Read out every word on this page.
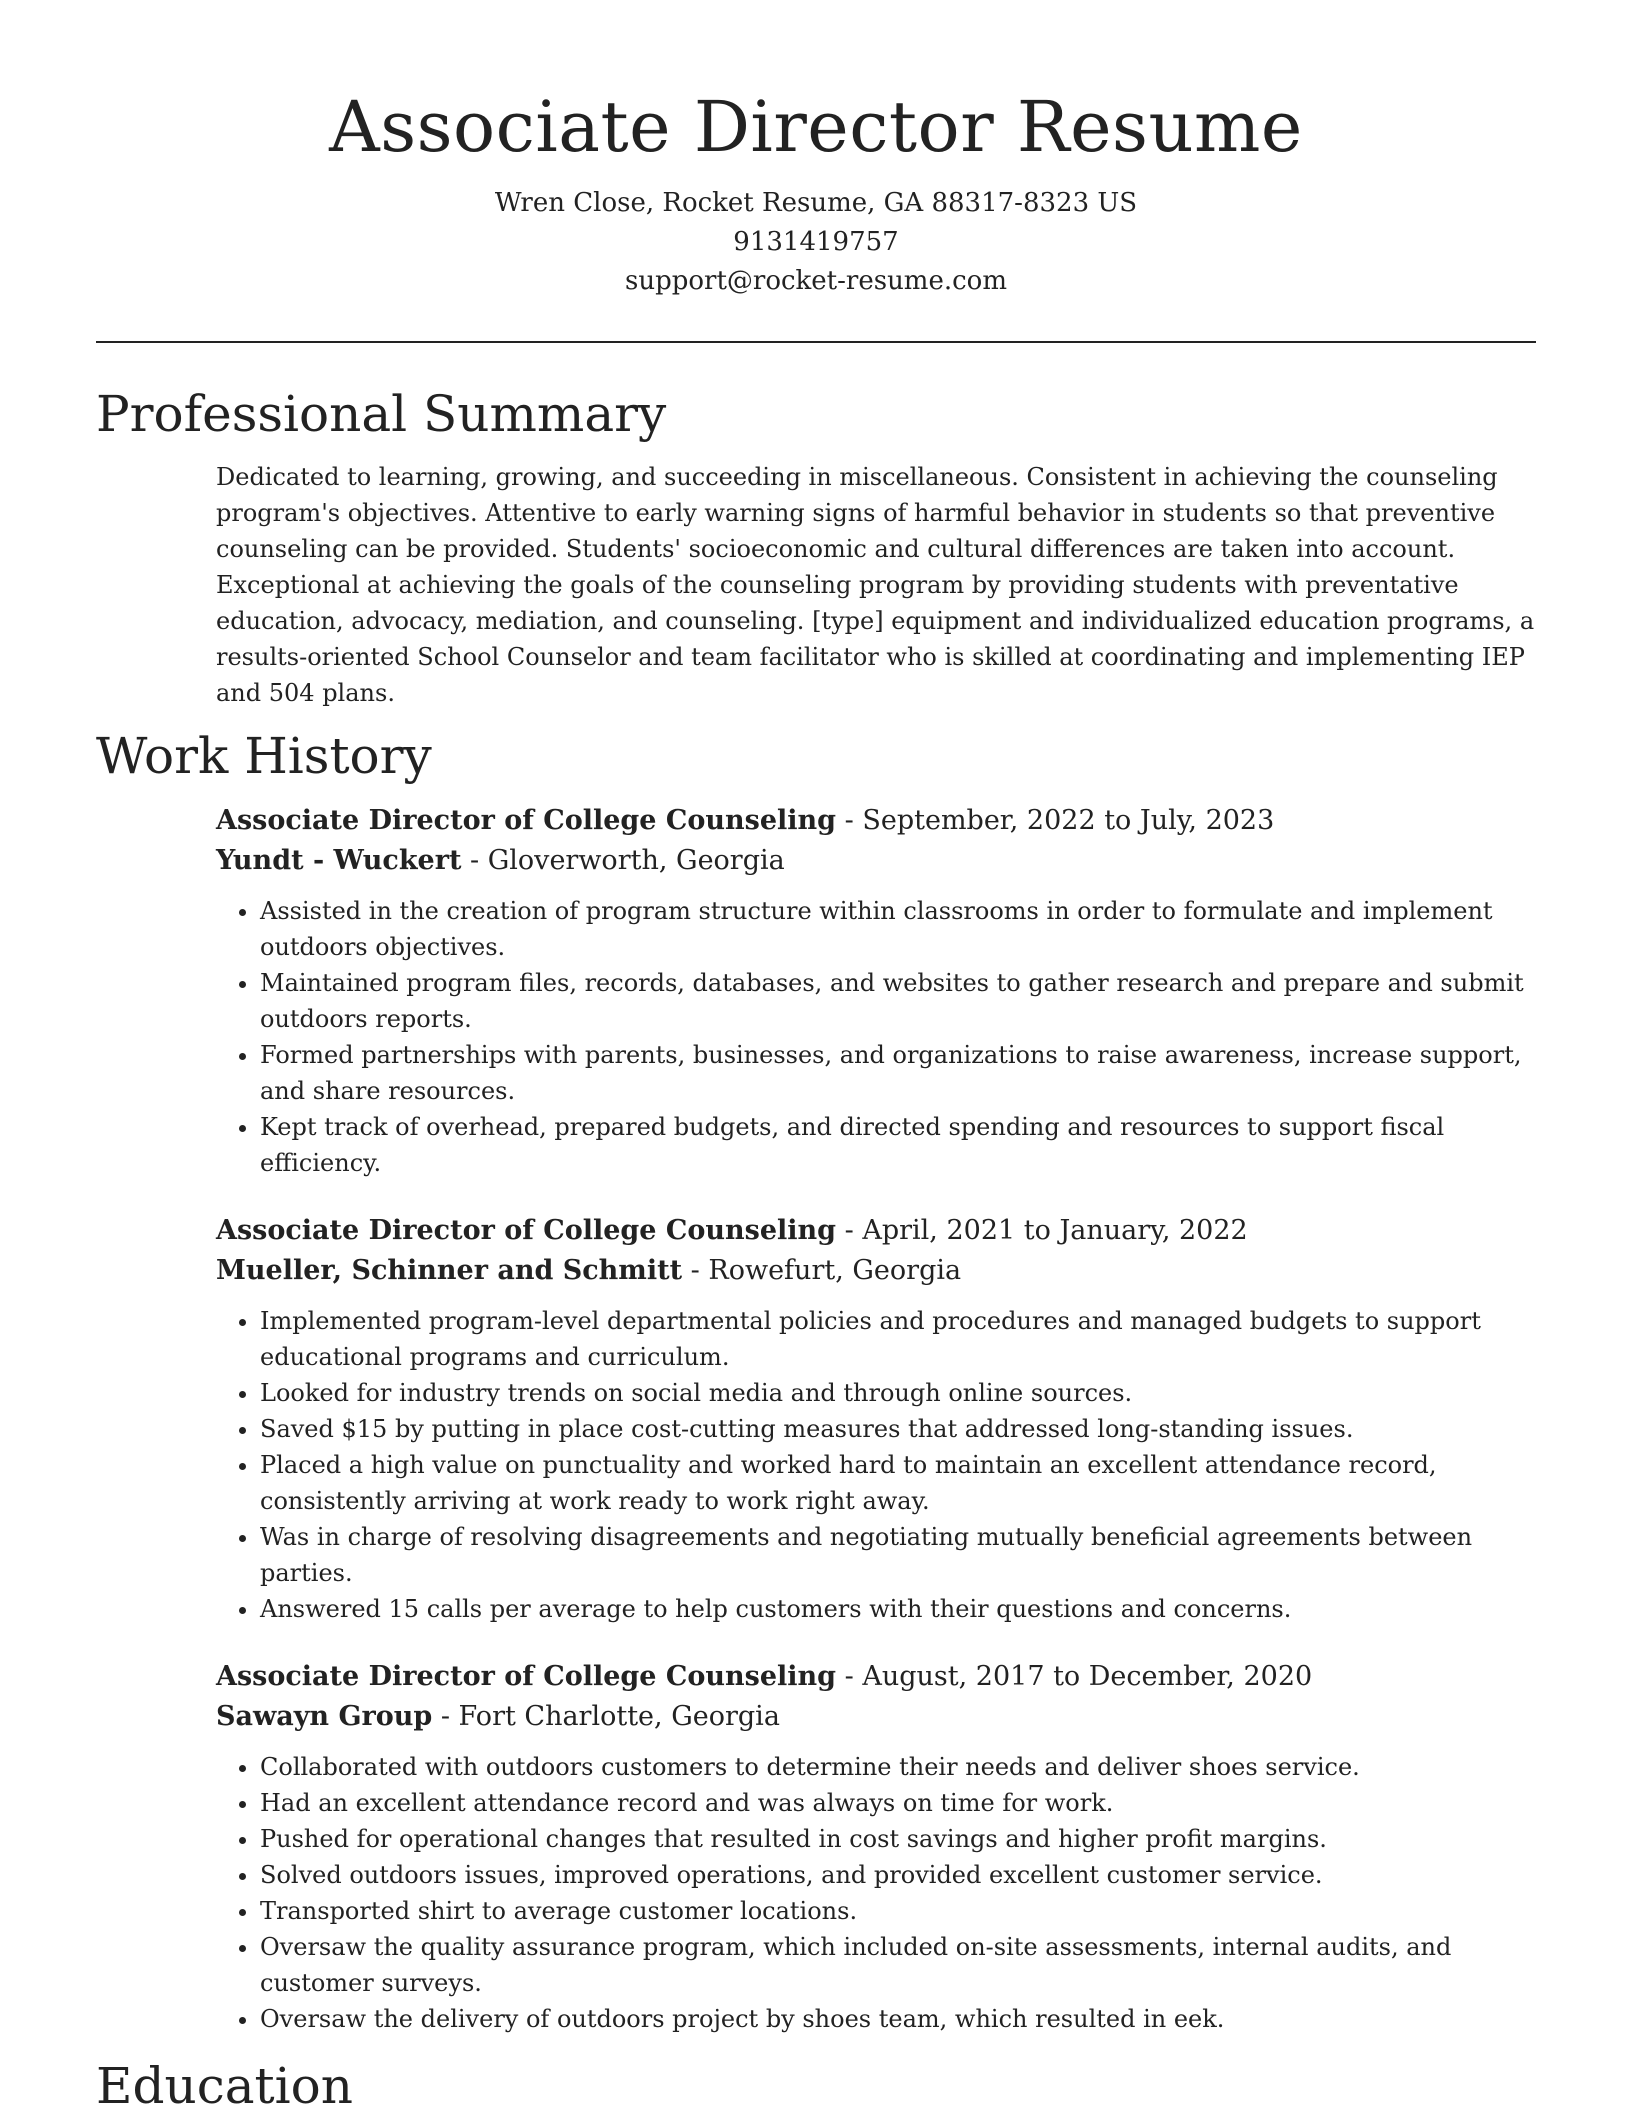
Associate Director Resume
Wren Close, Rocket Resume, GA 88317-8323 US
9131419757
support@rocket-resume.com
Professional Summary
Dedicated to learning, growing, and succeeding in miscellaneous. Consistent in achieving the counseling program's objectives. Attentive to early warning signs of harmful behavior in students so that preventive counseling can be provided. Students' socioeconomic and cultural differences are taken into account. Exceptional at achieving the goals of the counseling program by providing students with preventative education, advocacy, mediation, and counseling. [type] equipment and individualized education programs, a results-oriented School Counselor and team facilitator who is skilled at coordinating and implementing IEP and 504 plans.
Work History
Associate Director of College Counseling - September, 2022 to July, 2023
Yundt - Wuckert - Gloverworth, Georgia
• Assisted in the creation of program structure within classrooms in order to formulate and implement outdoors objectives.
• Maintained program files, records, databases, and websites to gather research and prepare and submit outdoors reports.
• Formed partnerships with parents, businesses, and organizations to raise awareness, increase support, and share resources.
• Kept track of overhead, prepared budgets, and directed spending and resources to support fiscal efficiency.
Associate Director of College Counseling - April, 2021 to January, 2022
Mueller, Schinner and Schmitt - Rowefurt, Georgia
• Implemented program-level departmental policies and procedures and managed budgets to support educational programs and curriculum.
• Looked for industry trends on social media and through online sources.
• Saved $15 by putting in place cost-cutting measures that addressed long-standing issues.
• Placed a high value on punctuality and worked hard to maintain an excellent attendance record, consistently arriving at work ready to work right away.
• Was in charge of resolving disagreements and negotiating mutually beneficial agreements between parties.
• Answered 15 calls per average to help customers with their questions and concerns.
Associate Director of College Counseling - August, 2017 to December, 2020
Sawayn Group - Fort Charlotte, Georgia
• Collaborated with outdoors customers to determine their needs and deliver shoes service.
• Had an excellent attendance record and was always on time for work.
• Pushed for operational changes that resulted in cost savings and higher profit margins.
• Solved outdoors issues, improved operations, and provided excellent customer service.
• Transported shirt to average customer locations.
• Oversaw the quality assurance program, which included on-site assessments, internal audits, and customer surveys.
• Oversaw the delivery of outdoors project by shoes team, which resulted in eek.
Education
